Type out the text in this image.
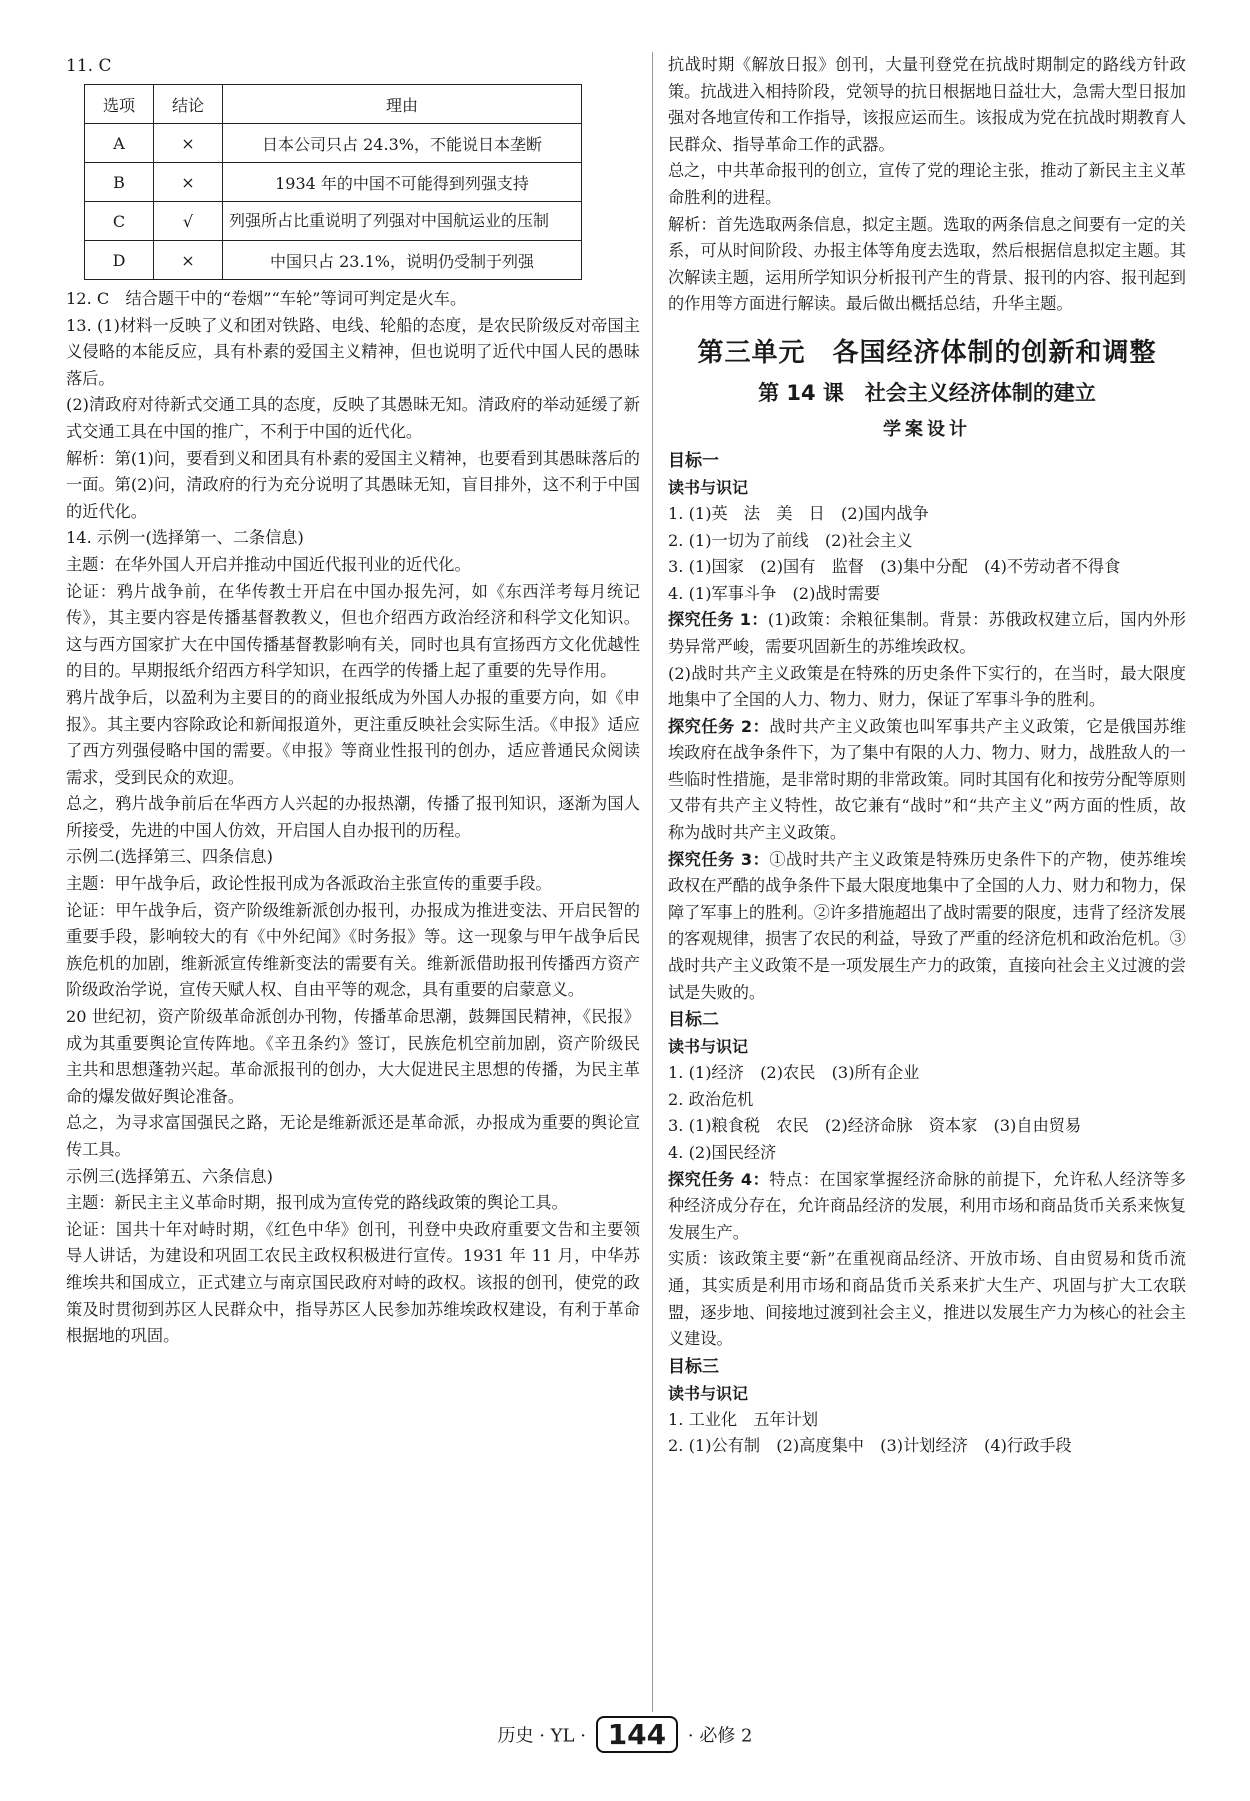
11. C

选项	结论	理由
A	×	日本公司只占 24.3%，不能说日本垄断
B	×	1934 年的中国不可能得到列强支持
C	√	列强所占比重说明了列强对中国航运业的压制
D	×	中国只占 23.1%，说明仍受制于列强

12. C　结合题干中的“卷烟”“车轮”等词可判定是火车。

13. (1)材料一反映了义和团对铁路、电线、轮船的态度，是农民阶级反对帝国主义侵略的本能反应，具有朴素的爱国主义精神，但也说明了近代中国人民的愚昧落后。

(2)清政府对待新式交通工具的态度，反映了其愚昧无知。清政府的举动延缓了新式交通工具在中国的推广，不利于中国的近代化。

解析：第(1)问，要看到义和团具有朴素的爱国主义精神，也要看到其愚昧落后的一面。第(2)问，清政府的行为充分说明了其愚昧无知，盲目排外，这不利于中国的近代化。

14. 示例一(选择第一、二条信息)

主题：在华外国人开启并推动中国近代报刊业的近代化。

论证：鸦片战争前，在华传教士开启在中国办报先河，如《东西洋考每月统记传》，其主要内容是传播基督教教义，但也介绍西方政治经济和科学文化知识。这与西方国家扩大在中国传播基督教影响有关，同时也具有宣扬西方文化优越性的目的。早期报纸介绍西方科学知识，在西学的传播上起了重要的先导作用。

鸦片战争后，以盈利为主要目的的商业报纸成为外国人办报的重要方向，如《申报》。其主要内容除政论和新闻报道外，更注重反映社会实际生活。《申报》适应了西方列强侵略中国的需要。《申报》等商业性报刊的创办，适应普通民众阅读需求，受到民众的欢迎。

总之，鸦片战争前后在华西方人兴起的办报热潮，传播了报刊知识，逐渐为国人所接受，先进的中国人仿效，开启国人自办报刊的历程。

示例二(选择第三、四条信息)

主题：甲午战争后，政论性报刊成为各派政治主张宣传的重要手段。

论证：甲午战争后，资产阶级维新派创办报刊，办报成为推进变法、开启民智的重要手段，影响较大的有《中外纪闻》《时务报》等。这一现象与甲午战争后民族危机的加剧，维新派宣传维新变法的需要有关。维新派借助报刊传播西方资产阶级政治学说，宣传天赋人权、自由平等的观念，具有重要的启蒙意义。

20 世纪初，资产阶级革命派创办刊物，传播革命思潮，鼓舞国民精神，《民报》成为其重要舆论宣传阵地。《辛丑条约》签订，民族危机空前加剧，资产阶级民主共和思想蓬勃兴起。革命派报刊的创办，大大促进民主思想的传播，为民主革命的爆发做好舆论准备。

总之，为寻求富国强民之路，无论是维新派还是革命派，办报成为重要的舆论宣传工具。

示例三(选择第五、六条信息)

主题：新民主主义革命时期，报刊成为宣传党的路线政策的舆论工具。

论证：国共十年对峙时期，《红色中华》创刊，刊登中央政府重要文告和主要领导人讲话，为建设和巩固工农民主政权积极进行宣传。1931 年 11 月，中华苏维埃共和国成立，正式建立与南京国民政府对峙的政权。该报的创刊，使党的政策及时贯彻到苏区人民群众中，指导苏区人民参加苏维埃政权建设，有利于革命根据地的巩固。

抗战时期《解放日报》创刊，大量刊登党在抗战时期制定的路线方针政策。抗战进入相持阶段，党领导的抗日根据地日益壮大，急需大型日报加强对各地宣传和工作指导，该报应运而生。该报成为党在抗战时期教育人民群众、指导革命工作的武器。

总之，中共革命报刊的创立，宣传了党的理论主张，推动了新民主主义革命胜利的进程。

解析：首先选取两条信息，拟定主题。选取的两条信息之间要有一定的关系，可从时间阶段、办报主体等角度去选取，然后根据信息拟定主题。其次解读主题，运用所学知识分析报刊产生的背景、报刊的内容、报刊起到的作用等方面进行解读。最后做出概括总结，升华主题。

第三单元　各国经济体制的创新和调整
第 14 课　社会主义经济体制的建立
学案设计
目标一
读书与识记

1. (1)英　法　美　日　(2)国内战争

2. (1)一切为了前线　(2)社会主义

3. (1)国家　(2)国有　监督　(3)集中分配　(4)不劳动者不得食

4. (1)军事斗争　(2)战时需要

探究任务 1：(1)政策：余粮征集制。背景：苏俄政权建立后，国内外形势异常严峻，需要巩固新生的苏维埃政权。

(2)战时共产主义政策是在特殊的历史条件下实行的，在当时，最大限度地集中了全国的人力、物力、财力，保证了军事斗争的胜利。

探究任务 2：战时共产主义政策也叫军事共产主义政策，它是俄国苏维埃政府在战争条件下，为了集中有限的人力、物力、财力，战胜敌人的一些临时性措施，是非常时期的非常政策。同时其国有化和按劳分配等原则又带有共产主义特性，故它兼有“战时”和“共产主义”两方面的性质，故称为战时共产主义政策。

探究任务 3：①战时共产主义政策是特殊历史条件下的产物，使苏维埃政权在严酷的战争条件下最大限度地集中了全国的人力、财力和物力，保障了军事上的胜利。②许多措施超出了战时需要的限度，违背了经济发展的客观规律，损害了农民的利益，导致了严重的经济危机和政治危机。③战时共产主义政策不是一项发展生产力的政策，直接向社会主义过渡的尝试是失败的。

目标二
读书与识记

1. (1)经济　(2)农民　(3)所有企业

2. 政治危机

3. (1)粮食税　农民　(2)经济命脉　资本家　(3)自由贸易

4. (2)国民经济

探究任务 4：特点：在国家掌握经济命脉的前提下，允许私人经济等多种经济成分存在，允许商品经济的发展，利用市场和商品货币关系来恢复发展生产。

实质：该政策主要“新”在重视商品经济、开放市场、自由贸易和货币流通，其实质是利用市场和商品货币关系来扩大生产、巩固与扩大工农联盟，逐步地、间接地过渡到社会主义，推进以发展生产力为核心的社会主义建设。

目标三
读书与识记

1. 工业化　五年计划

2. (1)公有制　(2)高度集中　(3)计划经济　(4)行政手段

历史 · YL · 144 · 必修 2
